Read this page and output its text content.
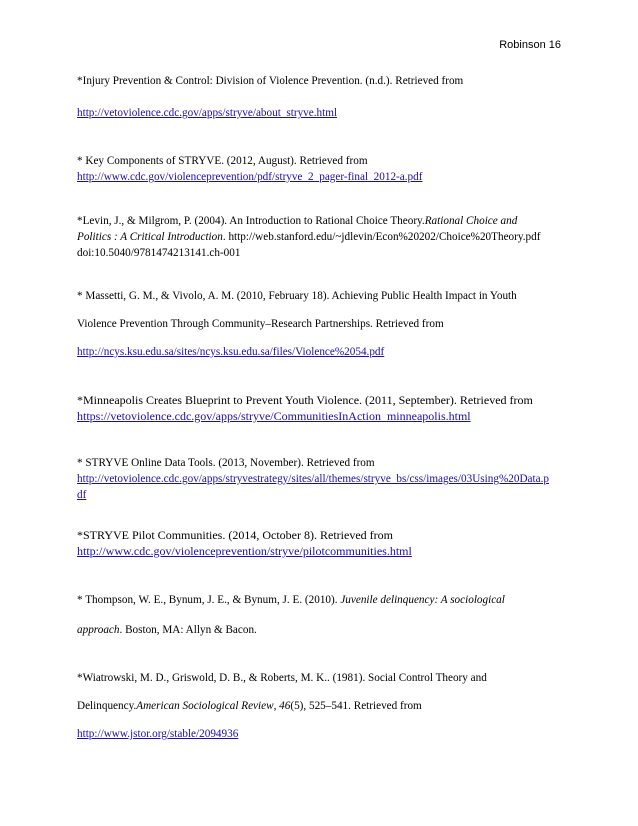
Robinson 16
*Injury Prevention & Control: Division of Violence Prevention. (n.d.). Retrieved from
http://vetoviolence.cdc.gov/apps/stryve/about_stryve.html
* Key Components of STRYVE. (2012, August). Retrieved from
http://www.cdc.gov/violenceprevention/pdf/stryve_2_pager-final_2012-a.pdf
*Levin, J., & Milgrom, P. (2004). An Introduction to Rational Choice Theory.Rational Choice and
Politics : A Critical Introduction. http://web.stanford.edu/~jdlevin/Econ%20202/Choice%20Theory.pdf
doi:10.5040/9781474213141.ch-001
* Massetti, G. M., & Vivolo, A. M. (2010, February 18). Achieving Public Health Impact in Youth
Violence Prevention Through Community–Research Partnerships. Retrieved from
http://ncys.ksu.edu.sa/sites/ncys.ksu.edu.sa/files/Violence%2054.pdf
*Minneapolis Creates Blueprint to Prevent Youth Violence. (2011, September). Retrieved from
https://vetoviolence.cdc.gov/apps/stryve/CommunitiesInAction_minneapolis.html
* STRYVE Online Data Tools. (2013, November). Retrieved from
http://vetoviolence.cdc.gov/apps/stryvestrategy/sites/all/themes/stryve_bs/css/images/03Using%20Data.p
df
*STRYVE Pilot Communities. (2014, October 8). Retrieved from
http://www.cdc.gov/violenceprevention/stryve/pilotcommunities.html
* Thompson, W. E., Bynum, J. E., & Bynum, J. E. (2010). Juvenile delinquency: A sociological
approach. Boston, MA: Allyn & Bacon.
*Wiatrowski, M. D., Griswold, D. B., & Roberts, M. K.. (1981). Social Control Theory and
Delinquency.American Sociological Review, 46(5), 525–541. Retrieved from
http://www.jstor.org/stable/2094936
